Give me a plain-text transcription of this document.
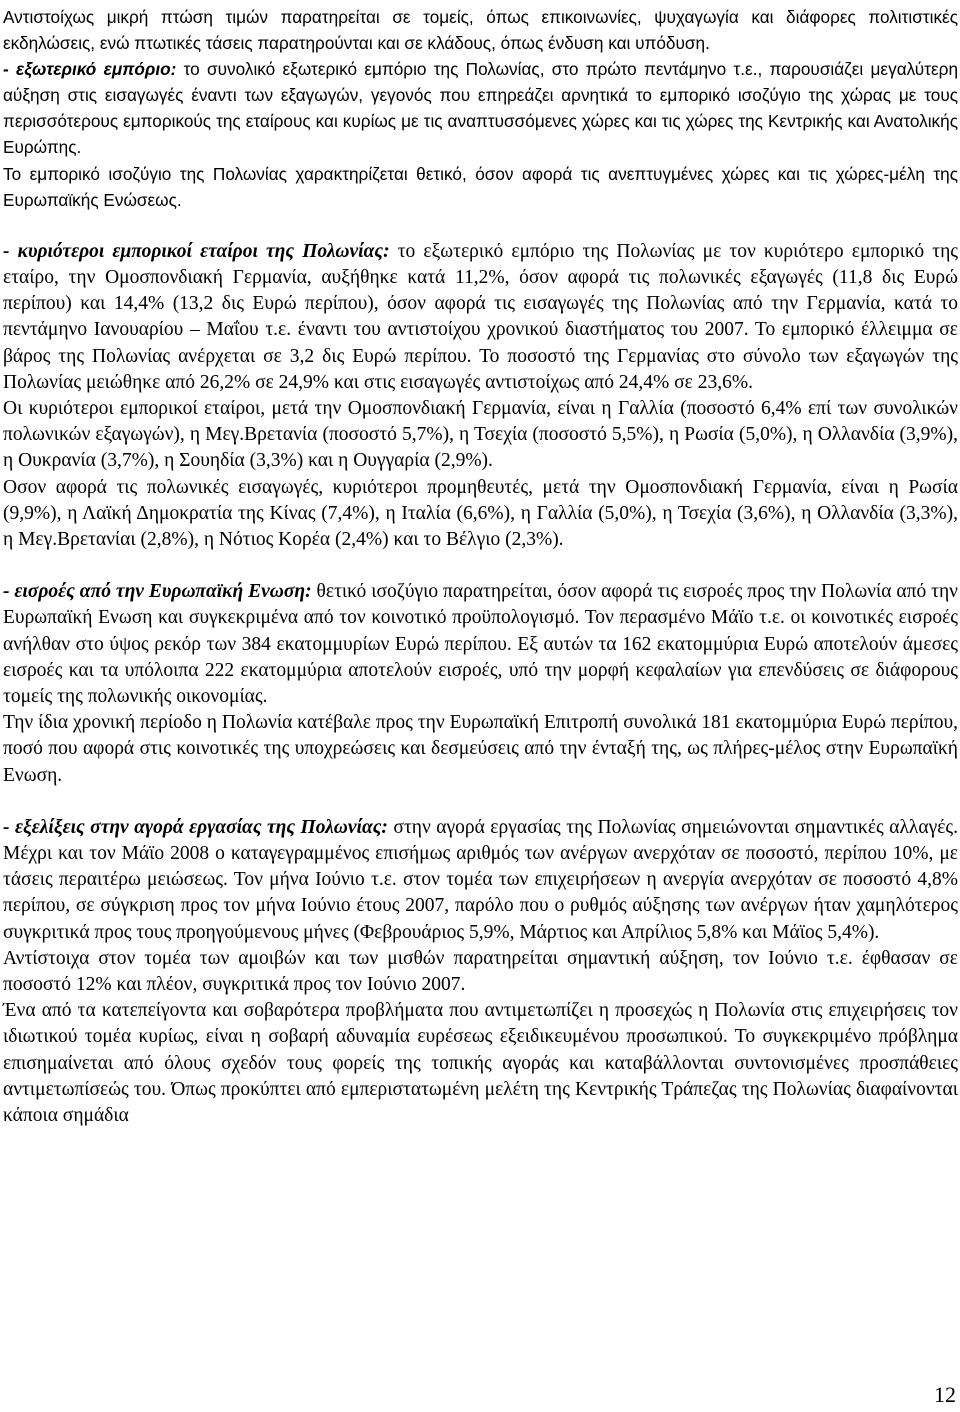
Αντιστοίχως μικρή πτώση τιμών παρατηρείται σε τομείς, όπως επικοινωνίες, ψυχαγωγία και διάφορες πολιτιστικές εκδηλώσεις, ενώ πτωτικές τάσεις παρατηρούνται και σε κλάδους, όπως ένδυση και υπόδυση.

- εξωτερικό εμπόριο: το συνολικό εξωτερικό εμπόριο της Πολωνίας, στο πρώτο πεντάμηνο τ.ε., παρουσιάζει μεγαλύτερη αύξηση στις εισαγωγές έναντι των εξαγωγών, γεγονός που επηρεάζει αρνητικά το εμπορικό ισοζύγιο της χώρας με τους περισσότερους εμπορικούς της εταίρους και κυρίως με τις αναπτυσσόμενες χώρες και τις χώρες της Κεντρικής και Ανατολικής Ευρώπης.

Το εμπορικό ισοζύγιο της Πολωνίας χαρακτηρίζεται θετικό, όσον αφορά τις ανεπτυγμένες χώρες και τις χώρες-μέλη της Ευρωπαϊκής Ενώσεως.

- κυριότεροι εμπορικοί εταίροι της Πολωνίας: το εξωτερικό εμπόριο της Πολωνίας με τον κυριότερο εμπορικό της εταίρο, την Ομοσπονδιακή Γερμανία, αυξήθηκε κατά 11,2%, όσον αφορά τις πολωνικές εξαγωγές (11,8 δις Ευρώ περίπου) και 14,4% (13,2 δις Ευρώ περίπου), όσον αφορά τις εισαγωγές της Πολωνίας από την Γερμανία, κατά το πεντάμηνο Ιανουαρίου – Μαΐου τ.ε. έναντι του αντιστοίχου χρονικού διαστήματος του 2007. Το εμπορικό έλλειμμα σε βάρος της Πολωνίας ανέρχεται σε 3,2 δις Ευρώ περίπου. Το ποσοστό της Γερμανίας στο σύνολο των εξαγωγών της Πολωνίας μειώθηκε από 26,2% σε 24,9% και στις εισαγωγές αντιστοίχως από 24,4% σε 23,6%.

Οι κυριότεροι εμπορικοί εταίροι, μετά την Ομοσπονδιακή Γερμανία, είναι η Γαλλία (ποσοστό 6,4% επί των συνολικών πολωνικών εξαγωγών), η Μεγ.Βρετανία (ποσοστό 5,7%), η Τσεχία (ποσοστό 5,5%), η Ρωσία (5,0%), η Ολλανδία (3,9%), η Ουκρανία (3,7%), η Σουηδία (3,3%) και η Ουγγαρία (2,9%).

Οσον αφορά τις πολωνικές εισαγωγές, κυριότεροι προμηθευτές, μετά την Ομοσπονδιακή Γερμανία, είναι η Ρωσία (9,9%), η Λαϊκή Δημοκρατία της Κίνας (7,4%), η Ιταλία (6,6%), η Γαλλία (5,0%), η Τσεχία (3,6%), η Ολλανδία (3,3%), η Μεγ.Βρετανίαι (2,8%), η Νότιος Κορέα (2,4%) και το Βέλγιο (2,3%).

- εισροές από την Ευρωπαϊκή Ενωση: θετικό ισοζύγιο παρατηρείται, όσον αφορά τις εισροές προς την Πολωνία από την Ευρωπαϊκή Ενωση και συγκεκριμένα από τον κοινοτικό προϋπολογισμό. Τον περασμένο Μάϊο τ.ε. οι κοινοτικές εισροές ανήλθαν στο ύψος ρεκόρ των 384 εκατομμυρίων Ευρώ περίπου. Εξ αυτών τα 162 εκατομμύρια Ευρώ αποτελούν άμεσες εισροές και τα υπόλοιπα 222 εκατομμύρια αποτελούν εισροές, υπό την μορφή κεφαλαίων για επενδύσεις σε διάφορους τομείς της πολωνικής οικονομίας.

Την ίδια χρονική περίοδο η Πολωνία κατέβαλε προς την Ευρωπαϊκή Επιτροπή συνολικά 181 εκατομμύρια Ευρώ περίπου, ποσό που αφορά στις κοινοτικές της υποχρεώσεις και δεσμεύσεις από την ένταξή της, ως πλήρες-μέλος στην Ευρωπαϊκή Ενωση.

- εξελίξεις στην αγορά εργασίας της Πολωνίας: στην αγορά εργασίας της Πολωνίας σημειώνονται σημαντικές αλλαγές. Μέχρι και τον Μάϊο 2008 ο καταγεγραμμένος επισήμως αριθμός των ανέργων ανερχόταν σε ποσοστό, περίπου 10%, με τάσεις περαιτέρω μειώσεως. Τον μήνα Ιούνιο τ.ε. στον τομέα των επιχειρήσεων η ανεργία ανερχόταν σε ποσοστό 4,8% περίπου, σε σύγκριση προς τον μήνα Ιούνιο έτους 2007, παρόλο που ο ρυθμός αύξησης των ανέργων ήταν χαμηλότερος συγκριτικά προς τους προηγούμενους μήνες (Φεβρουάριος 5,9%, Μάρτιος και Απρίλιος 5,8% και Μάϊος 5,4%).

Αντίστοιχα στον τομέα των αμοιβών και των μισθών παρατηρείται σημαντική αύξηση, τον Ιούνιο τ.ε. έφθασαν σε ποσοστό 12% και πλέον, συγκριτικά προς τον Ιούνιο 2007.

Ένα από τα κατεπείγοντα και σοβαρότερα προβλήματα που αντιμετωπίζει η προσεχώς η Πολωνία στις επιχειρήσεις τον ιδιωτικού τομέα κυρίως, είναι η σοβαρή αδυναμία ευρέσεως εξειδικευμένου προσωπικού. Το συγκεκριμένο πρόβλημα επισημαίνεται από όλους σχεδόν τους φορείς της τοπικής αγοράς και καταβάλλονται συντονισμένες προσπάθειες αντιμετωπίσεώς του. Όπως προκύπτει από εμπεριστατωμένη μελέτη της Κεντρικής Τράπεζας της Πολωνίας διαφαίνονται κάποια σημάδια

12
